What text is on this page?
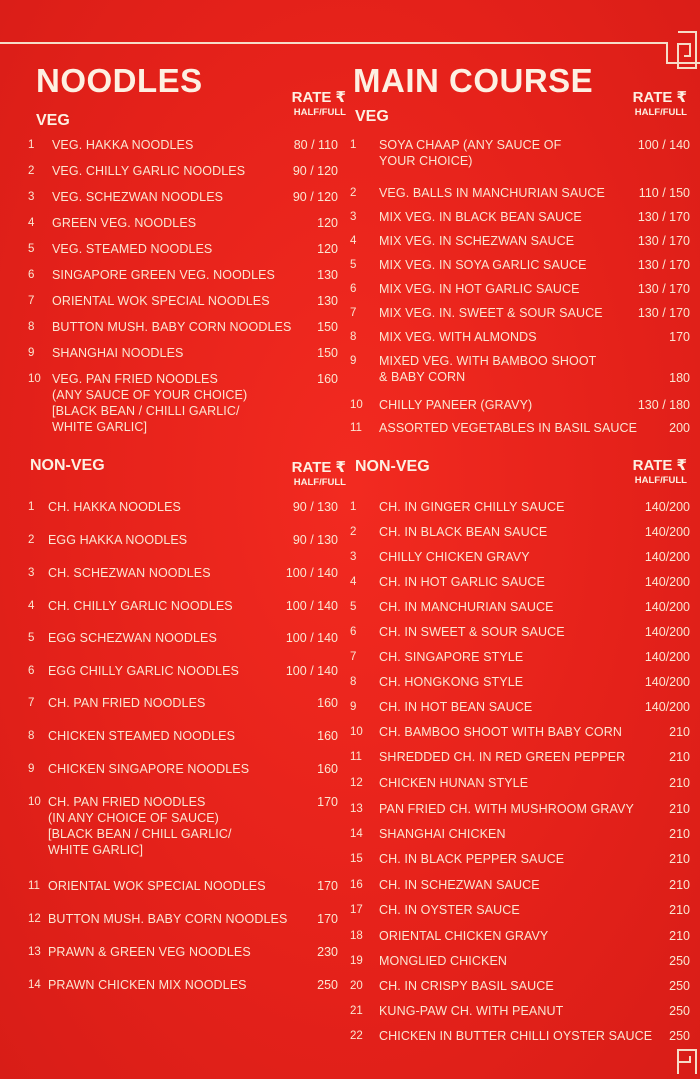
NOODLES
VEG
RATE ₹
HALF/FULL
1	VEG. HAKKA NOODLES	80 / 110
2	VEG. CHILLY GARLIC NOODLES	90 / 120
3	VEG. SCHEZWAN NOODLES	90 / 120
4	GREEN VEG. NOODLES	120
5	VEG. STEAMED NOODLES	120
6	SINGAPORE GREEN VEG. NOODLES	130
7	ORIENTAL WOK SPECIAL NOODLES	130
8	BUTTON MUSH. BABY CORN NOODLES 150
9	SHANGHAI NOODLES	150
10 VEG. PAN FRIED NOODLES
(ANY SAUCE OF YOUR CHOICE)
[BLACK BEAN / CHILLI GARLIC/
WHITE GARLIC]
160
NON-VEG	RATE ₹
HALF/FULL
1	CH. HAKKA NOODLES	90 / 130
2	EGG HAKKA NOODLES	90 / 130
3	CH. SCHEZWAN NOODLES	100 / 140
4	CH. CHILLY GARLIC NOODLES	100 / 140
5	EGG SCHEZWAN NOODLES	100 / 140
6	EGG CHILLY GARLIC NOODLES	100 / 140
7	CH. PAN FRIED NOODLES	160
8	CHICKEN STEAMED NOODLES	160
9	CHICKEN SINGAPORE NOODLES	160
10 CH. PAN FRIED NOODLES
(IN ANY CHOICE OF SAUCE)
[BLACK BEAN / CHILL GARLIC/
WHITE GARLIC]
170
11 ORIENTAL WOK SPECIAL NOODLES	170
12 BUTTON MUSH. BABY CORN NOODLES 170
13 PRAWN & GREEN VEG NOODLES	230
14 PRAWN CHICKEN MIX NOODLES	250
MAIN COURSE
VEG
RATE ₹
HALF/FULL
1	SOYA CHAAP (ANY SAUCE OF
YOUR CHOICE)
100 / 140
2	VEG. BALLS IN MANCHURIAN SAUCE	110 / 150
3	MIX VEG. IN BLACK BEAN SAUCE	130 / 170
4	MIX VEG. IN SCHEZWAN SAUCE	130 / 170
5	MIX VEG. IN SOYA GARLIC SAUCE	130 / 170
6	MIX VEG. IN HOT GARLIC SAUCE	130 / 170
7	MIX VEG. IN. SWEET & SOUR SAUCE	130 / 170
8	MIX VEG. WITH ALMONDS	170
9	MIXED VEG. WITH BAMBOO SHOOT
& BABY CORN	180
10	CHILLY PANEER (GRAVY)	130 / 180
11	ASSORTED VEGETABLES IN BASIL SAUCE	200
NON-VEG	RATE ₹
HALF/FULL
1	CH. IN GINGER CHILLY SAUCE	140/200
2	CH. IN BLACK BEAN SAUCE	140/200
3	CHILLY CHICKEN GRAVY	140/200
4	CH. IN HOT GARLIC SAUCE	140/200
5	CH. IN MANCHURIAN SAUCE	140/200
6	CH. IN SWEET & SOUR SAUCE	140/200
7	CH. SINGAPORE STYLE	140/200
8	CH. HONGKONG STYLE	140/200
9	CH. IN HOT BEAN SAUCE	140/200
10	CH. BAMBOO SHOOT WITH BABY CORN	210
11	SHREDDED CH. IN RED GREEN PEPPER	210
12	CHICKEN HUNAN STYLE	210
13	PAN FRIED CH. WITH MUSHROOM GRAVY	210
14	SHANGHAI CHICKEN	210
15	CH. IN BLACK PEPPER SAUCE	210
16	CH. IN SCHEZWAN SAUCE	210
17	CH. IN OYSTER SAUCE	210
18	ORIENTAL CHICKEN GRAVY	210
19	MONGLIED CHICKEN	250
20	CH. IN CRISPY BASIL SAUCE	250
21	KUNG-PAW CH. WITH PEANUT	250
22	CHICKEN IN BUTTER CHILLI OYSTER SAUCE 250
